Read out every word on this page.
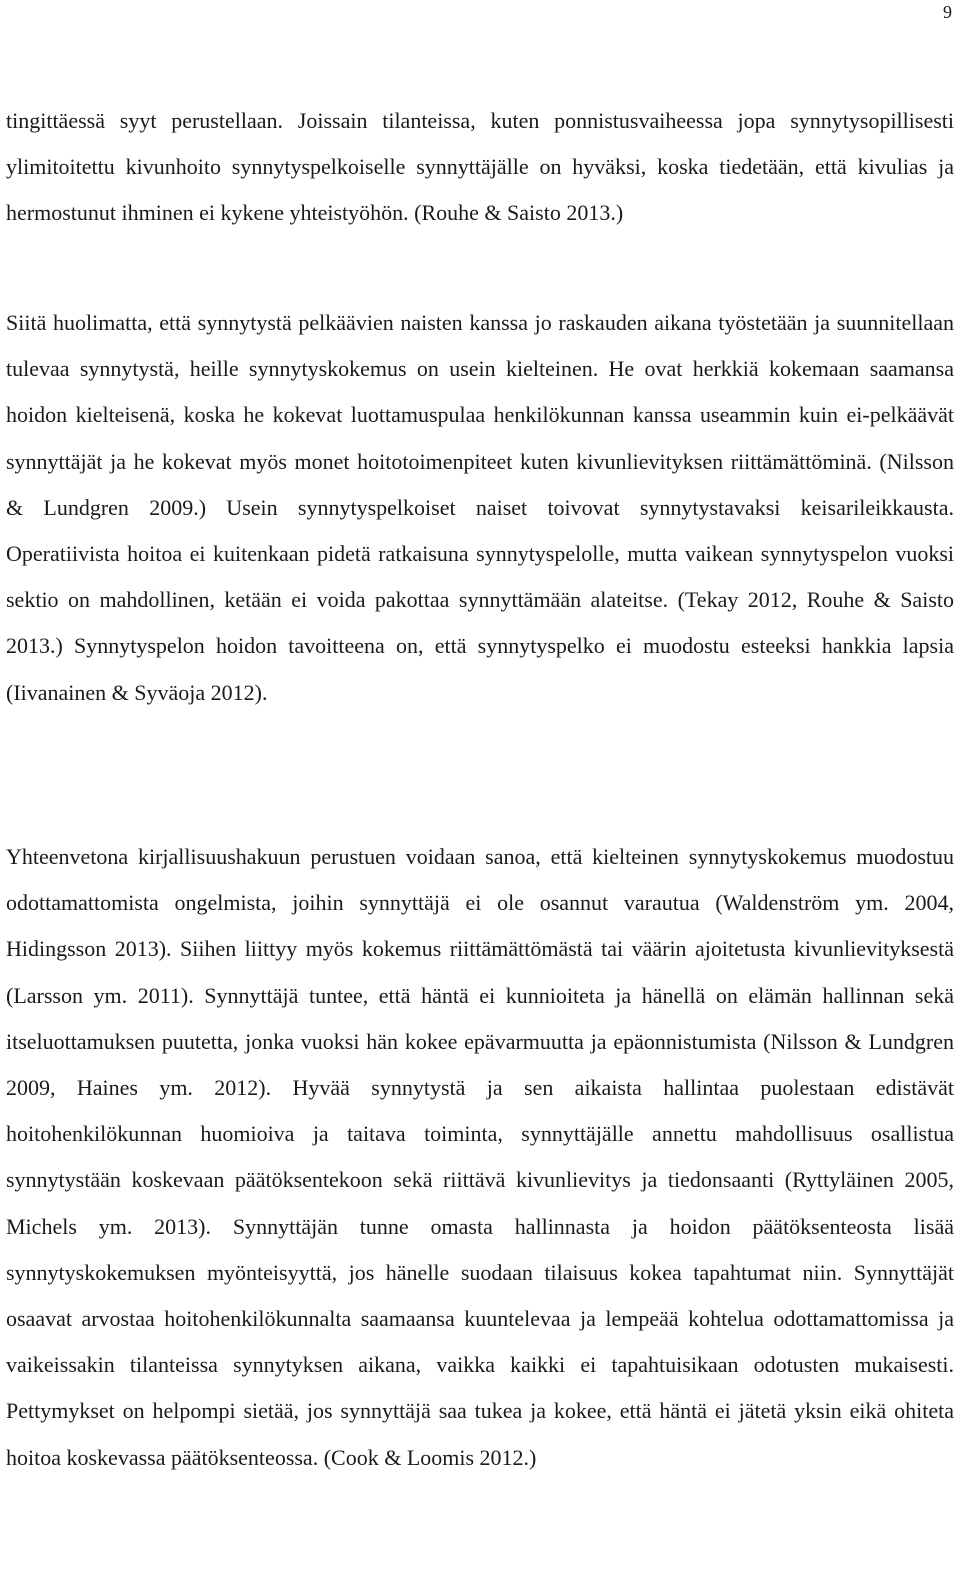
9

tingittäessä syyt perustellaan. Joissain tilanteissa, kuten ponnistusvaiheessa jopa synnytysopillisesti ylimitoitettu kivunhoito synnytyspelkoiselle synnyttäjälle on hyväksi, koska tiedetään, että kivulias ja hermostunut ihminen ei kykene yhteistyöhön. (Rouhe & Saisto 2013.)

Siitä huolimatta, että synnytystä pelkäävien naisten kanssa jo raskauden aikana työstetään ja suunnitellaan tulevaa synnytystä, heille synnytyskokemus on usein kielteinen. He ovat herkkiä kokemaan saamansa hoidon kielteisenä, koska he kokevat luottamuspulaa henkilökunnan kanssa useammin kuin ei-pelkäävät synnyttäjät ja he kokevat myös monet hoitotoimenpiteet kuten kivunlievityksen riittämättöminä. (Nilsson & Lundgren 2009.) Usein synnytyspelkoiset naiset toivovat synnytystavaksi keisarileikkausta. Operatiivista hoitoa ei kuitenkaan pidetä ratkaisuna synnytyspelolle, mutta vaikean synnytyspelon vuoksi sektio on mahdollinen, ketään ei voida pakottaa synnyttämään alateitse. (Tekay 2012, Rouhe & Saisto 2013.) Synnytyspelon hoidon tavoitteena on, että synnytyspelko ei muodostu esteeksi hankkia lapsia (Iivanainen & Syväoja 2012).

Yhteenvetona kirjallisuushakuun perustuen voidaan sanoa, että kielteinen synnytyskokemus muodostuu odottamattomista ongelmista, joihin synnyttäjä ei ole osannut varautua (Waldenström ym. 2004, Hidingsson 2013). Siihen liittyy myös kokemus riittämättömästä tai väärin ajoitetusta kivunlievityksestä (Larsson ym. 2011). Synnyttäjä tuntee, että häntä ei kunnioiteta ja hänellä on elämän hallinnan sekä itseluottamuksen puutetta, jonka vuoksi hän kokee epävarmuutta ja epäonnistumista (Nilsson & Lundgren 2009, Haines ym. 2012). Hyvää synnytystä ja sen aikaista hallintaa puolestaan edistävät hoitohenkilökunnan huomioiva ja taitava toiminta, synnyttäjälle annettu mahdollisuus osallistua synnytystään koskevaan päätöksentekoon sekä riittävä kivunlievitys ja tiedonsaanti (Ryttyläinen 2005, Michels ym. 2013). Synnyttäjän tunne omasta hallinnasta ja hoidon päätöksenteosta lisää synnytyskokemuksen myönteisyyttä, jos hänelle suodaan tilaisuus kokea tapahtumat niin. Synnyttäjät osaavat arvostaa hoitohenkilökunnalta saamaansa kuuntelevaa ja lempeää kohtelua odottamattomissa ja vaikeissakin tilanteissa synnytyksen aikana, vaikka kaikki ei tapahtuisikaan odotusten mukaisesti. Pettymykset on helpompi sietää, jos synnyttäjä saa tukea ja kokee, että häntä ei jätetä yksin eikä ohiteta hoitoa koskevassa päätöksenteossa. (Cook & Loomis 2012.)
